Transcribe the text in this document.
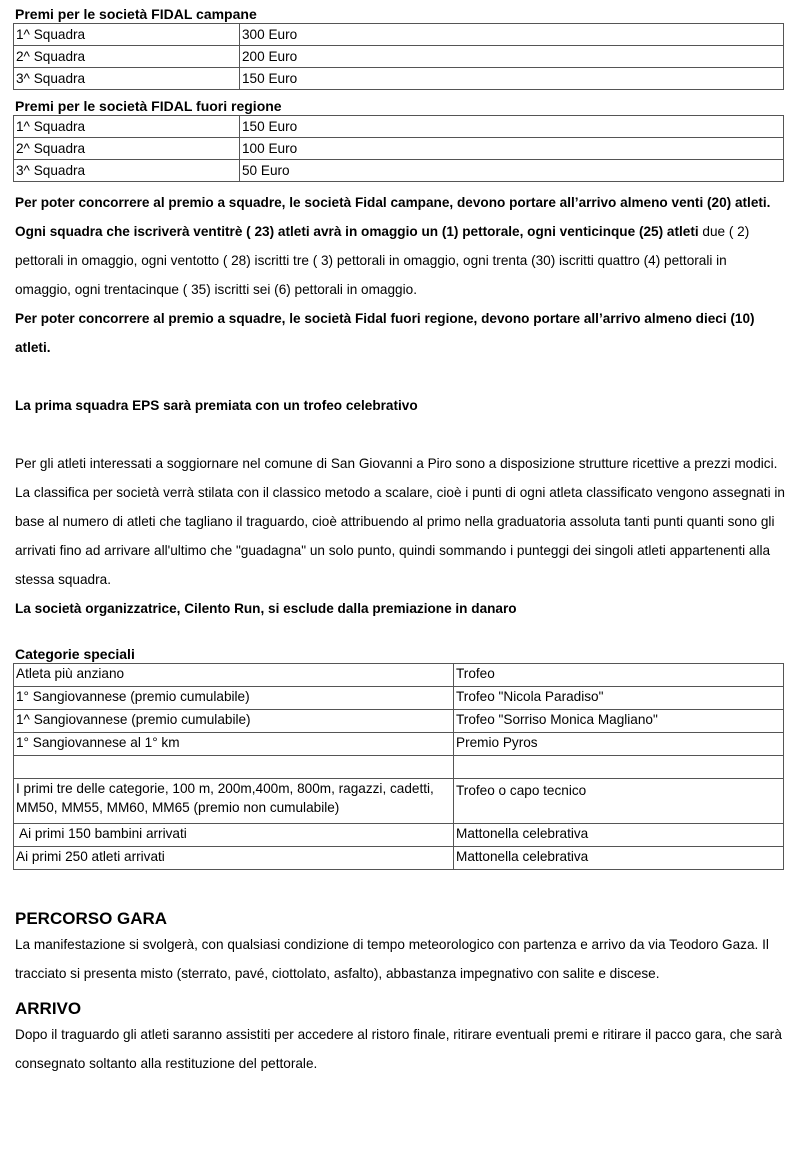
Premi per le società FIDAL campane
1^ Squadra	300 Euro
2^ Squadra	200 Euro
3^ Squadra	150 Euro
Premi per le società FIDAL fuori regione
1^ Squadra	150 Euro
2^ Squadra	100 Euro
3^ Squadra	50 Euro

Per poter concorrere al premio a squadre, le società Fidal campane, devono portare all’arrivo almeno venti (20) atleti.

Ogni squadra che iscriverà ventitrè ( 23) atleti avrà in omaggio un (1) pettorale, ogni venticinque (25) atleti due ( 2) pettorali in omaggio, ogni ventotto ( 28) iscritti tre ( 3) pettorali in omaggio, ogni trenta (30) iscritti quattro (4) pettorali in omaggio, ogni trentacinque ( 35) iscritti sei (6) pettorali in omaggio.

Per poter concorrere al premio a squadre, le società Fidal fuori regione, devono portare all’arrivo almeno dieci (10) atleti.

La prima squadra EPS sarà premiata con un trofeo celebrativo

Per gli atleti interessati a soggiornare nel comune di San Giovanni a Piro sono a disposizione strutture ricettive a prezzi modici.

La classifica per società verrà stilata con il classico metodo a scalare, cioè i punti di ogni atleta classificato vengono assegnati in base al numero di atleti che tagliano il traguardo, cioè attribuendo al primo nella graduatoria assoluta tanti punti quanti sono gli arrivati fino ad arrivare all'ultimo che "guadagna" un solo punto, quindi sommando i punteggi dei singoli atleti appartenenti alla stessa squadra.

La società organizzatrice, Cilento Run, si esclude dalla premiazione in danaro

Categorie speciali
Atleta più anziano	Trofeo
1° Sangiovannese (premio cumulabile)	Trofeo "Nicola Paradiso"
1^ Sangiovannese (premio cumulabile)	Trofeo "Sorriso Monica Magliano"
1° Sangiovannese al 1° km	Premio Pyros

I primi tre delle categorie, 100 m, 200m,400m, 800m, ragazzi, cadetti, MM50, MM55, MM60, MM65 (premio non cumulabile)	Trofeo o capo tecnico
Ai primi 150 bambini arrivati	Mattonella celebrativa
Ai primi 250 atleti arrivati	Mattonella celebrativa
PERCORSO GARA

La manifestazione si svolgerà, con qualsiasi condizione di tempo meteorologico con partenza e arrivo da via Teodoro Gaza. Il tracciato si presenta misto (sterrato, pavé, ciottolato, asfalto), abbastanza impegnativo con salite e discese.

ARRIVO

Dopo il traguardo gli atleti saranno assistiti per accedere al ristoro finale, ritirare eventuali premi e ritirare il pacco gara, che sarà consegnato soltanto alla restituzione del pettorale.
